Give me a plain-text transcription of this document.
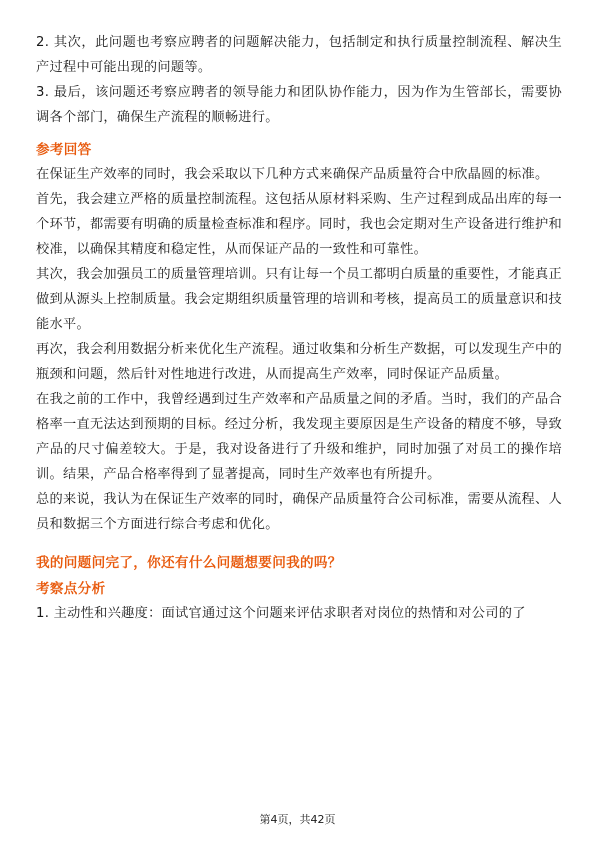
2. 其次，此问题也考察应聘者的问题解决能力，包括制定和执行质量控制流程、解决生产过程中可能出现的问题等。

3. 最后，该问题还考察应聘者的领导能力和团队协作能力，因为作为生管部长，需要协调各个部门，确保生产流程的顺畅进行。

参考回答

在保证生产效率的同时，我会采取以下几种方式来确保产品质量符合中欣晶圆的标准。

首先，我会建立严格的质量控制流程。这包括从原材料采购、生产过程到成品出库的每一个环节，都需要有明确的质量检查标准和程序。同时，我也会定期对生产设备进行维护和校准，以确保其精度和稳定性，从而保证产品的一致性和可靠性。

其次，我会加强员工的质量管理培训。只有让每一个员工都明白质量的重要性，才能真正做到从源头上控制质量。我会定期组织质量管理的培训和考核，提高员工的质量意识和技能水平。

再次，我会利用数据分析来优化生产流程。通过收集和分析生产数据，可以发现生产中的瓶颈和问题，然后针对性地进行改进，从而提高生产效率，同时保证产品质量。

在我之前的工作中，我曾经遇到过生产效率和产品质量之间的矛盾。当时，我们的产品合格率一直无法达到预期的目标。经过分析，我发现主要原因是生产设备的精度不够，导致产品的尺寸偏差较大。于是，我对设备进行了升级和维护，同时加强了对员工的操作培训。结果，产品合格率得到了显著提高，同时生产效率也有所提升。

总的来说，我认为在保证生产效率的同时，确保产品质量符合公司标准，需要从流程、人员和数据三个方面进行综合考虑和优化。

我的问题问完了，你还有什么问题想要问我的吗？

考察点分析

1. 主动性和兴趣度：面试官通过这个问题来评估求职者对岗位的热情和对公司的了

第4页，共42页
